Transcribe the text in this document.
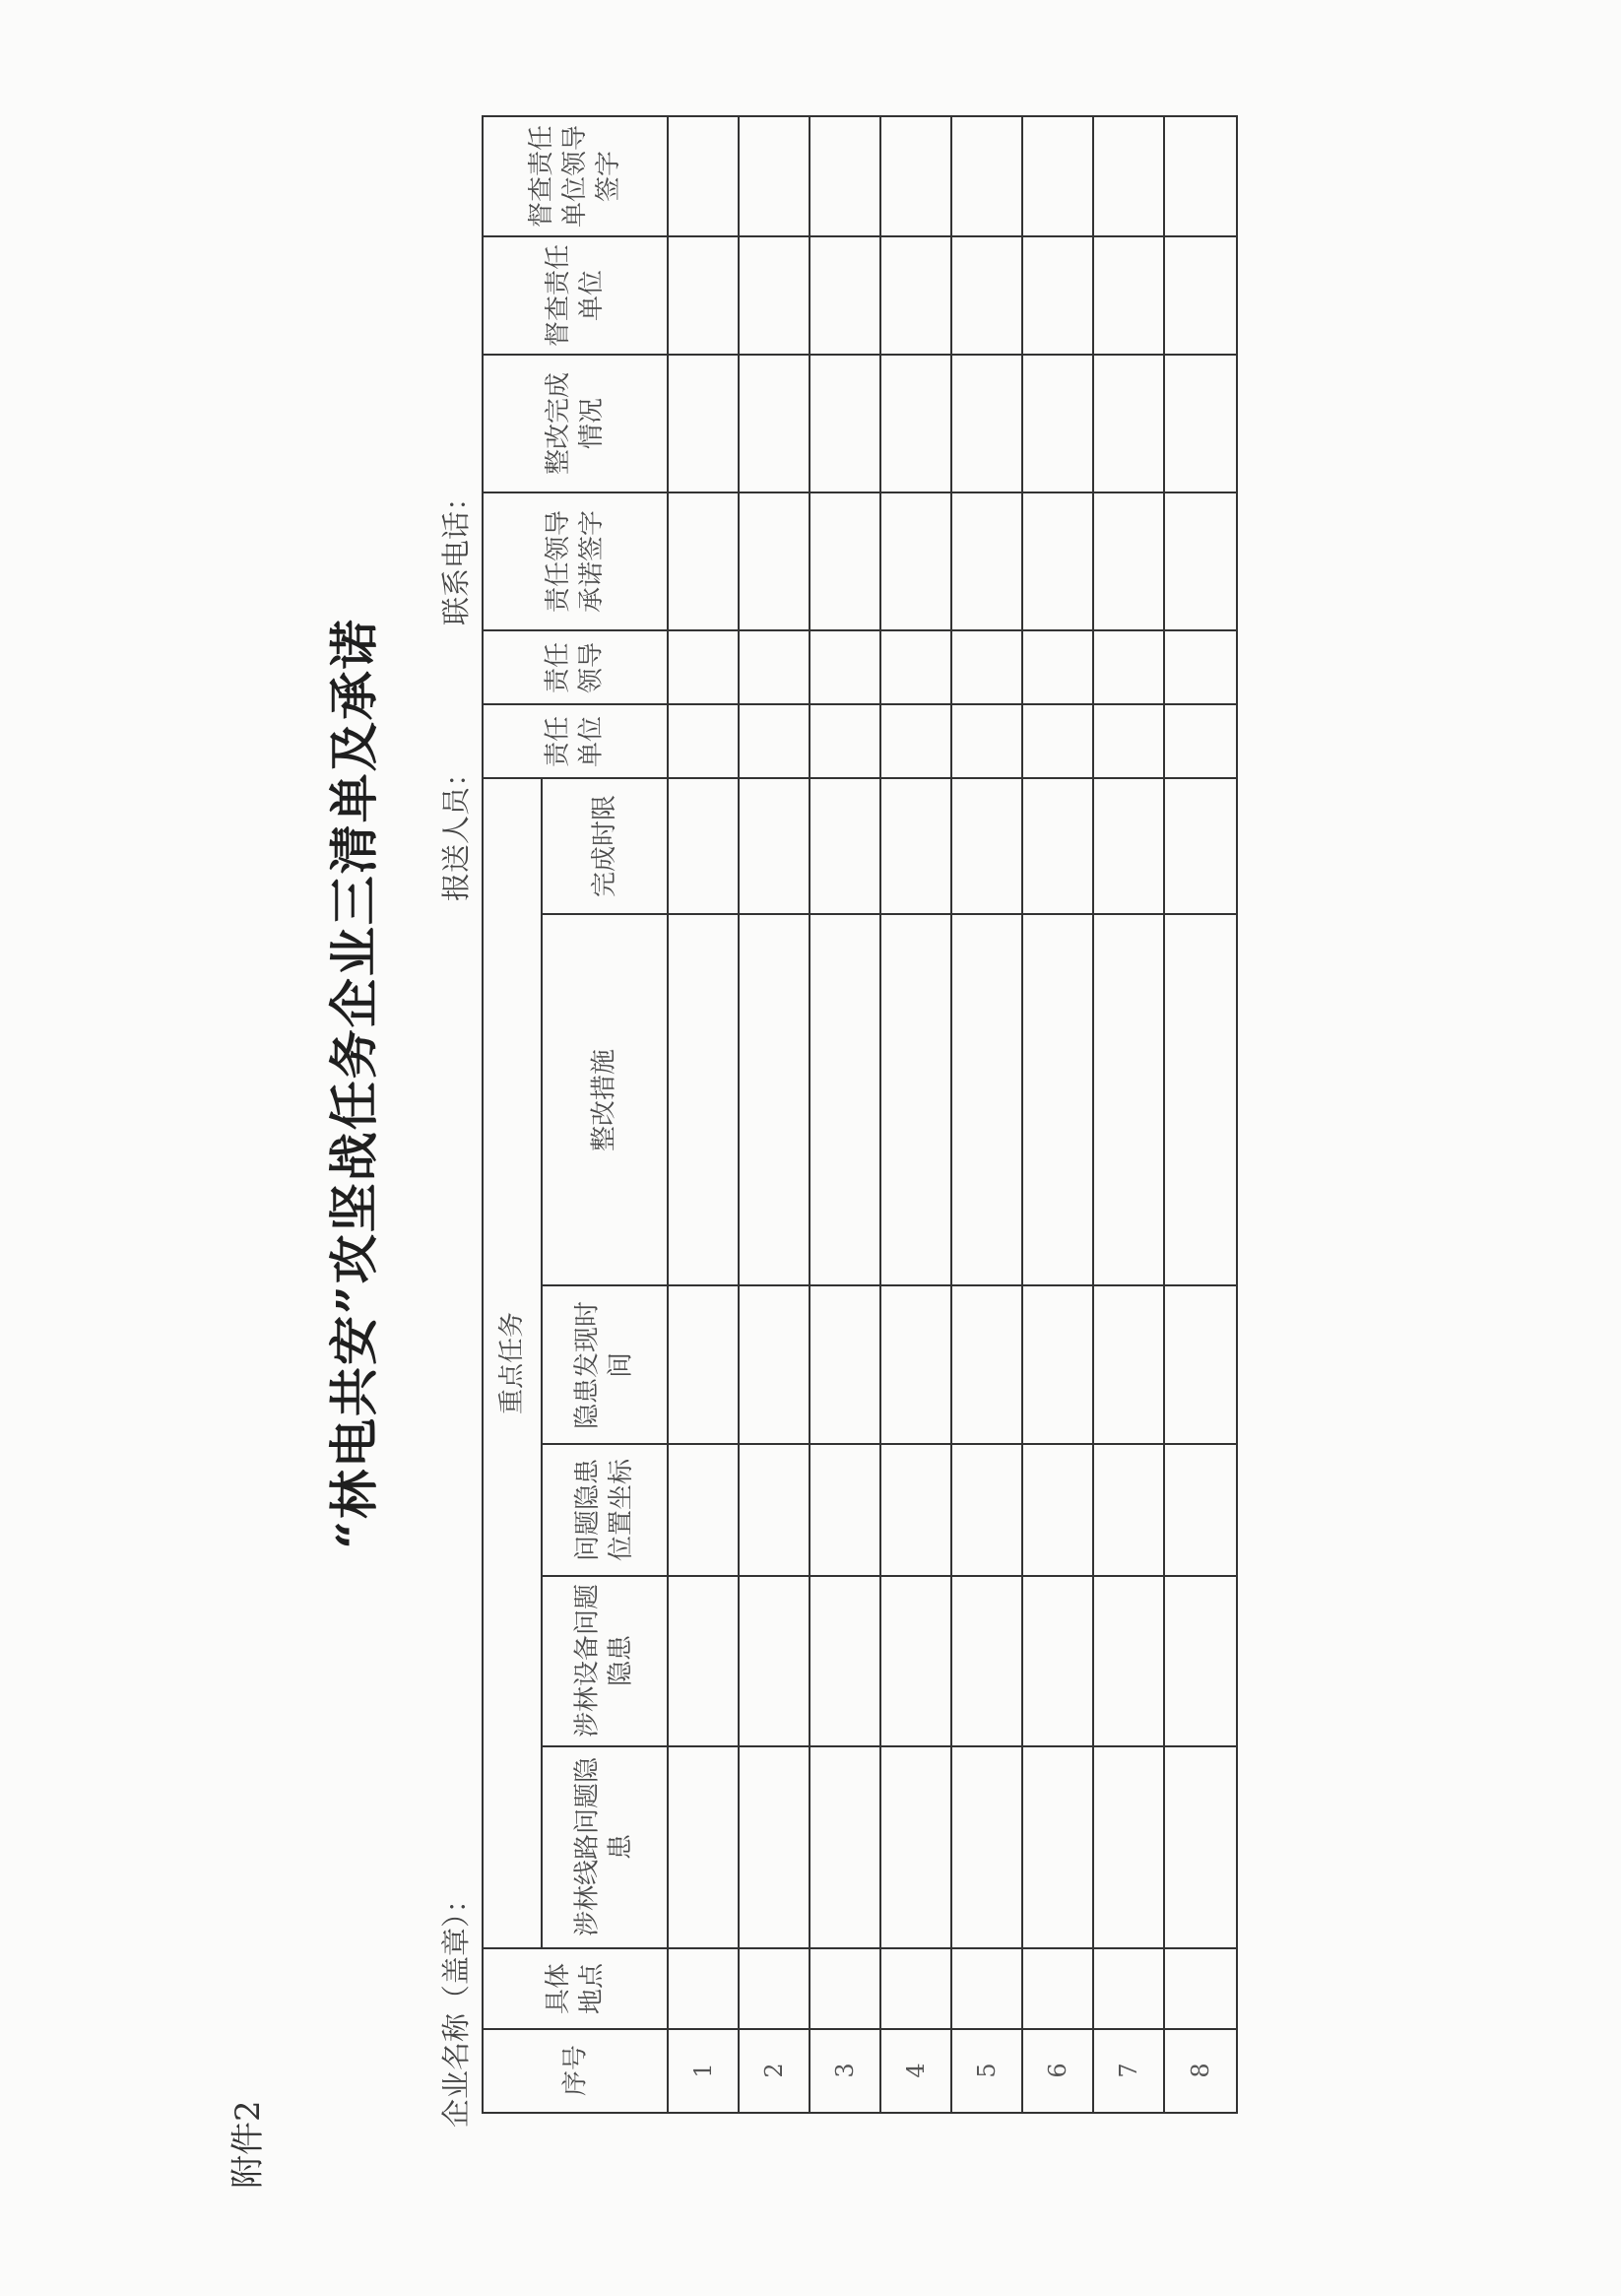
附件2
“林电共安”攻坚战任务企业三清单及承诺
企业名称（盖章）：
报送人员：
联系电话：
序号
具体地点
重点任务
涉林线路问题隐患
涉林设备问题隐患
问题隐患位置坐标
隐患发现时间
整改措施
完成时限
责任单位
责任领导
责任领导承诺签字
整改完成情况
督查责任单位
督查责任单位领导签字
1 2 3 4 5 6 7 8
